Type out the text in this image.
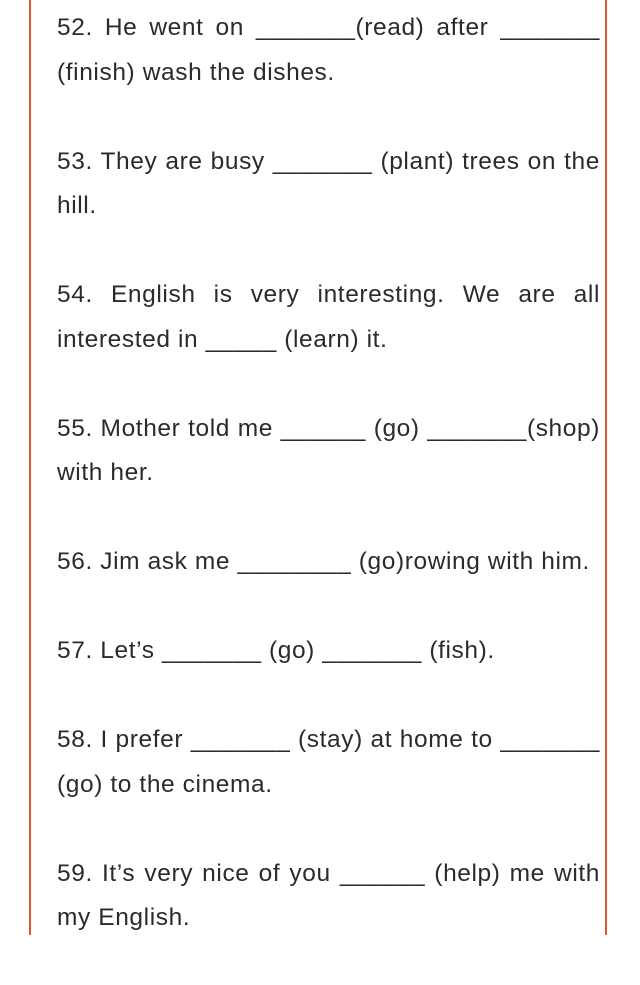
52. He went on _______(read) after _______ (finish) wash the dishes.

53. They are busy _______ (plant) trees on the hill.

54. English is very interesting. We are all interested in _____ (learn) it.

55. Mother told me ______ (go) _______(shop) with her.

56. Jim ask me ________ (go)rowing with him.

57. Let’s _______ (go) _______ (fish).

58. I prefer _______ (stay) at home to _______ (go) to the cinema.

59. It’s very nice of you ______ (help) me with my English.
